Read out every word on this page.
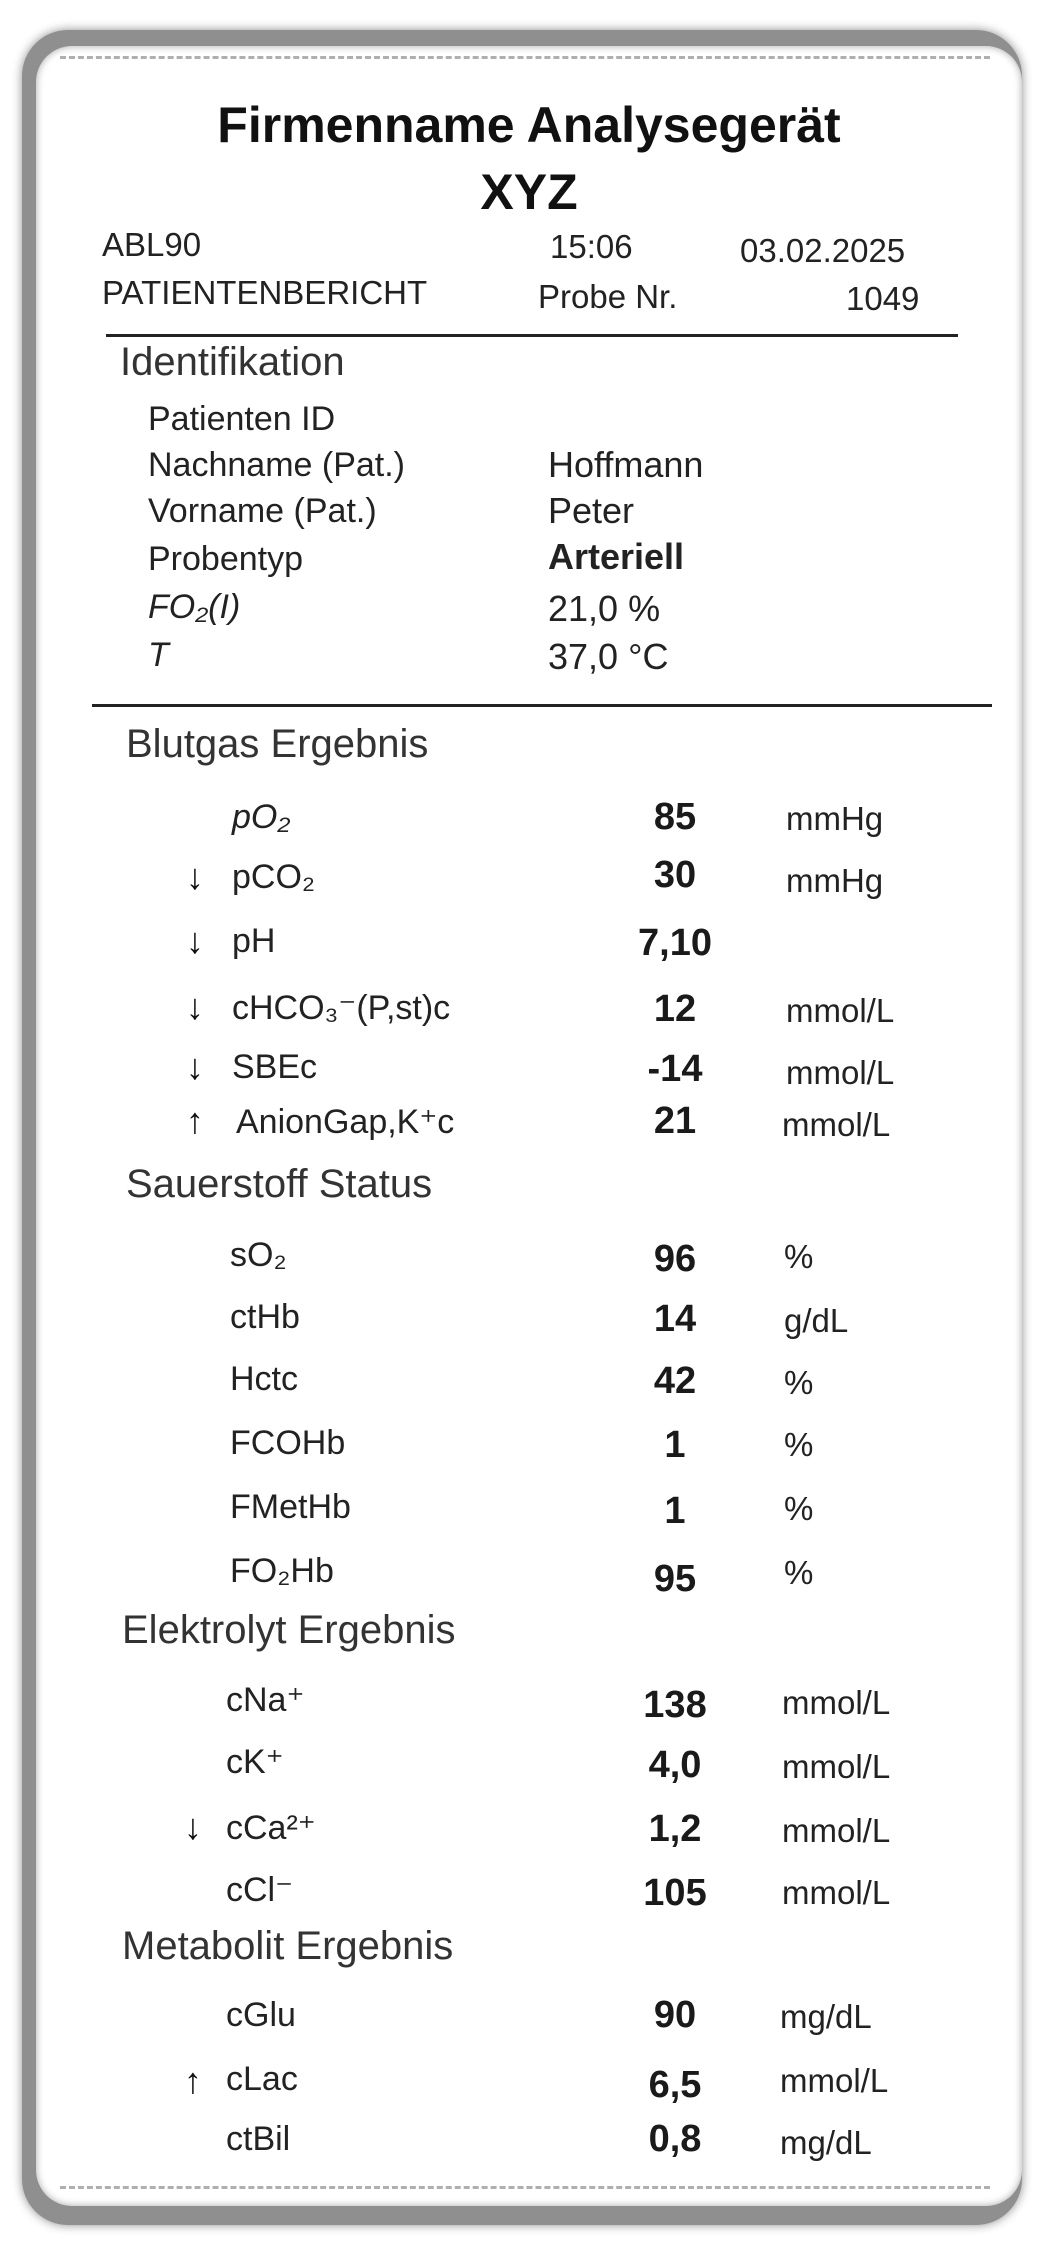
Firmenname Analysegerät
XYZ
ABL90	15:06	03.02.2025
PATIENTENBERICHT	Probe Nr.	1049
Identifikation
Patienten ID
Nachname (Pat.)	Hoffmann
Vorname (Pat.)	Peter
Probentyp	Arteriell
FO₂(I)	21,0 %
T	37,0 °C
Blutgas Ergebnis
pO₂	85	mmHg
↓ pCO₂	30	mmHg
↓ pH	7,10
↓ cHCO₃⁻(P,st)c	12	mmol/L
↓ SBEc	-14	mmol/L
↑ AnionGap,K⁺c	21	mmol/L
Sauerstoff Status
sO₂	96	%
ctHb	14	g/dL
Hctc	42	%
FCOHb	1	%
FMetHb	1	%
FO₂Hb	95	%
Elektrolyt Ergebnis
cNa⁺	138	mmol/L
cK⁺	4,0	mmol/L
↓ cCa²⁺	1,2	mmol/L
cCl⁻	105	mmol/L
Metabolit Ergebnis
cGlu	90	mg/dL
↑ cLac	6,5	mmol/L
ctBil	0,8	mg/dL
